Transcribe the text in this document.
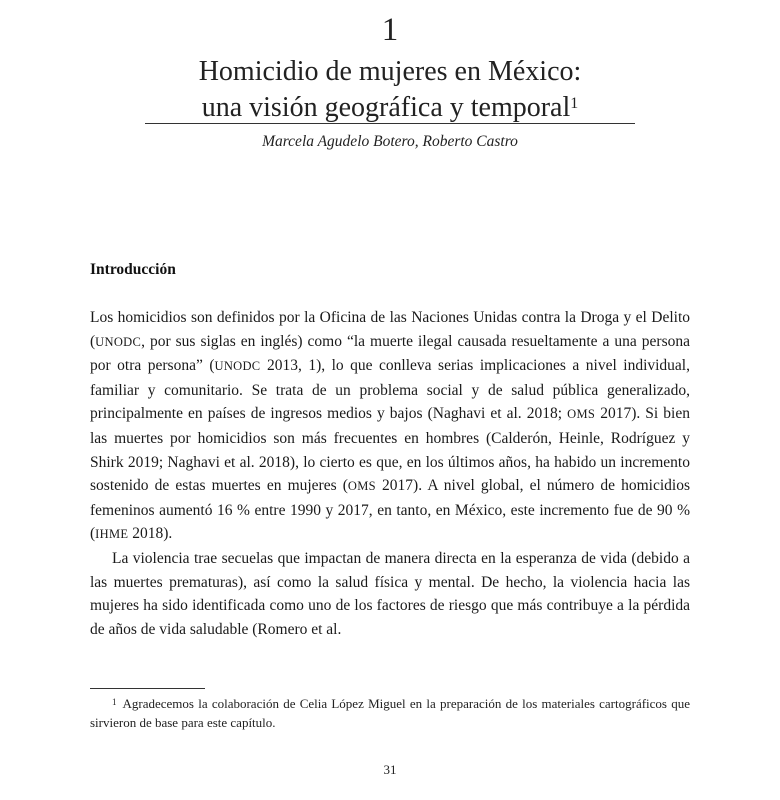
1
Homicidio de mujeres en México:
una visión geográfica y temporal$^1$
Marcela Agudelo Botero, Roberto Castro
Introducción

Los homicidios son definidos por la Oficina de las Naciones Unidas contra la Droga y el Delito (UNODC, por sus siglas en inglés) como “la muerte ilegal causada resueltamente a una persona por otra persona” (UNODC 2013, 1), lo que conlleva serias implicaciones a nivel individual, familiar y comunitario. Se trata de un problema social y de salud pública generalizado, principalmente en países de ingresos medios y bajos (Naghavi et al. 2018; OMS 2017). Si bien las muertes por homicidios son más frecuentes en hombres (Calderón, Heinle, Rodríguez y Shirk 2019; Naghavi et al. 2018), lo cierto es que, en los últimos años, ha habido un incremento sostenido de estas muertes en mujeres (OMS 2017). A nivel global, el número de homicidios femeninos aumentó 16 % entre 1990 y 2017, en tanto, en México, este incremento fue de 90 % (IHME 2018).

La violencia trae secuelas que impactan de manera directa en la esperanza de vida (debido a las muertes prematuras), así como la salud física y mental. De hecho, la violencia hacia las mujeres ha sido identificada como uno de los factores de riesgo que más contribuye a la pérdida de años de vida saludable (Romero et al.

$^1$ Agradecemos la colaboración de Celia López Miguel en la preparación de los materiales cartográficos que sirvieron de base para este capítulo.
31
